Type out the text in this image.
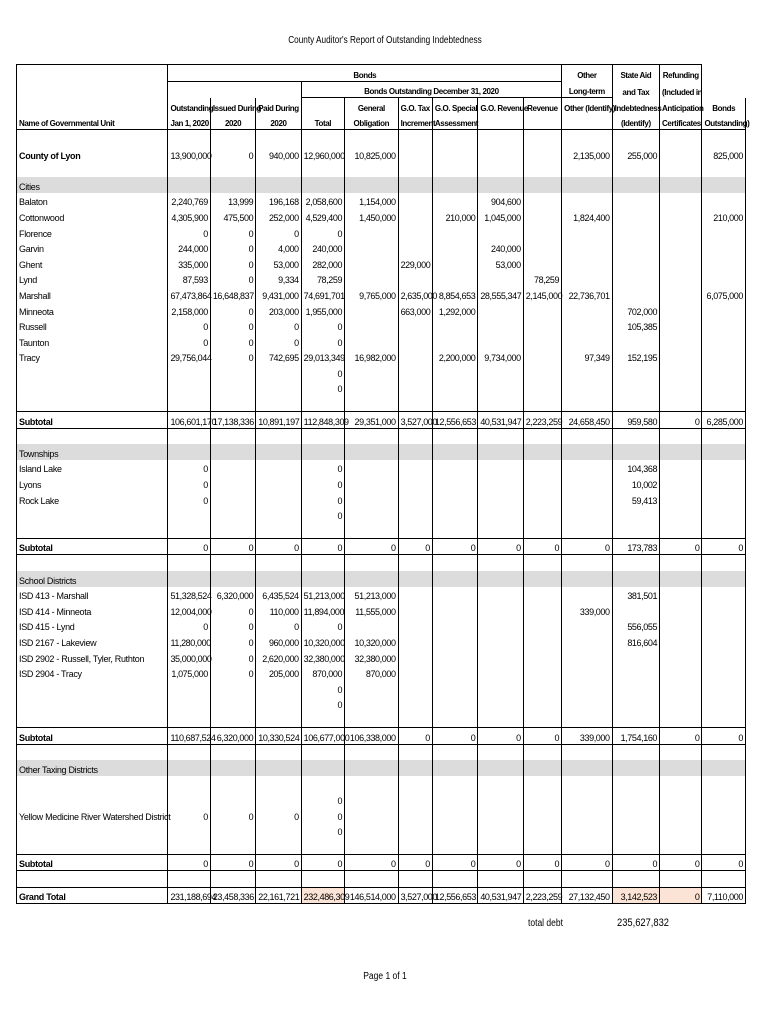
County Auditor's Report of Outstanding Indebtedness
	Bonds									Other	State Aid	Refunding	
				Bonds Outstanding December 31, 2020						Long-term	and Tax	(Included in	
	Outstanding	Issued During	Paid During		General	G.O. Tax	G.O. Special	G.O. Revenue	Revenue	Other (Identify)	Indebtedness	Anticipation	Bonds
Name of Governmental Unit	Jan 1, 2020	2020	2020	Total	Obligation	Increment	Assessment				(Identify)	Certificates	Outstanding)

County of Lyon	13,900,000	0	940,000	12,960,000	10,825,000					2,135,000	255,000		825,000

Cities													
Balaton	2,240,769	13,999	196,168	2,058,600	1,154,000			904,600					
Cottonwood	4,305,900	475,500	252,000	4,529,400	1,450,000		210,000	1,045,000		1,824,400			210,000
Florence	0	0	0	0									
Garvin	244,000	0	4,000	240,000				240,000					
Ghent	335,000	0	53,000	282,000		229,000		53,000					
Lynd	87,593	0	9,334	78,259					78,259				
Marshall	67,473,864	16,648,837	9,431,000	74,691,701	9,765,000	2,635,000	8,854,653	28,555,347	2,145,000	22,736,701			6,075,000
Minneota	2,158,000	0	203,000	1,955,000		663,000	1,292,000				702,000		
Russell	0	0	0	0							105,385		
Taunton	0	0	0	0									
Tracy	29,756,044	0	742,695	29,013,349	16,982,000		2,200,000	9,734,000		97,349	152,195		
				0									
				0									

Subtotal	106,601,170	17,138,336	10,891,197	112,848,309	29,351,000	3,527,000	12,556,653	40,531,947	2,223,259	24,658,450	959,580	0	6,285,000

Townships													
Island Lake	0			0							104,368		
Lyons	0			0							10,002		
Rock Lake	0			0							59,413		
				0									

Subtotal	0	0	0	0	0	0	0	0	0	0	173,783	0	0

School Districts													
ISD 413 - Marshall	51,328,524	6,320,000	6,435,524	51,213,000	51,213,000						381,501		
ISD 414 - Minneota	12,004,000	0	110,000	11,894,000	11,555,000					339,000			
ISD 415 - Lynd	0	0	0	0							556,055		
ISD 2167 - Lakeview	11,280,000	0	960,000	10,320,000	10,320,000						816,604		
ISD 2902 - Russell, Tyler, Ruthton	35,000,000	0	2,620,000	32,380,000	32,380,000								
ISD 2904 - Tracy	1,075,000	0	205,000	870,000	870,000								
				0									
				0									

Subtotal	110,687,524	6,320,000	10,330,524	106,677,000	106,338,000	0	0	0	0	339,000	1,754,160	0	0

Other Taxing Districts													

				0									
Yellow Medicine River Watershed District	0	0	0	0									
				0									

Subtotal	0	0	0	0	0	0	0	0	0	0	0	0	0

Grand Total	231,188,694	23,458,336	22,161,721	232,486,309	146,514,000	3,527,000	12,556,653	40,531,947	2,223,259	27,132,450	3,142,523	0	7,110,000
total debt	235,627,832
Page 1 of 1
